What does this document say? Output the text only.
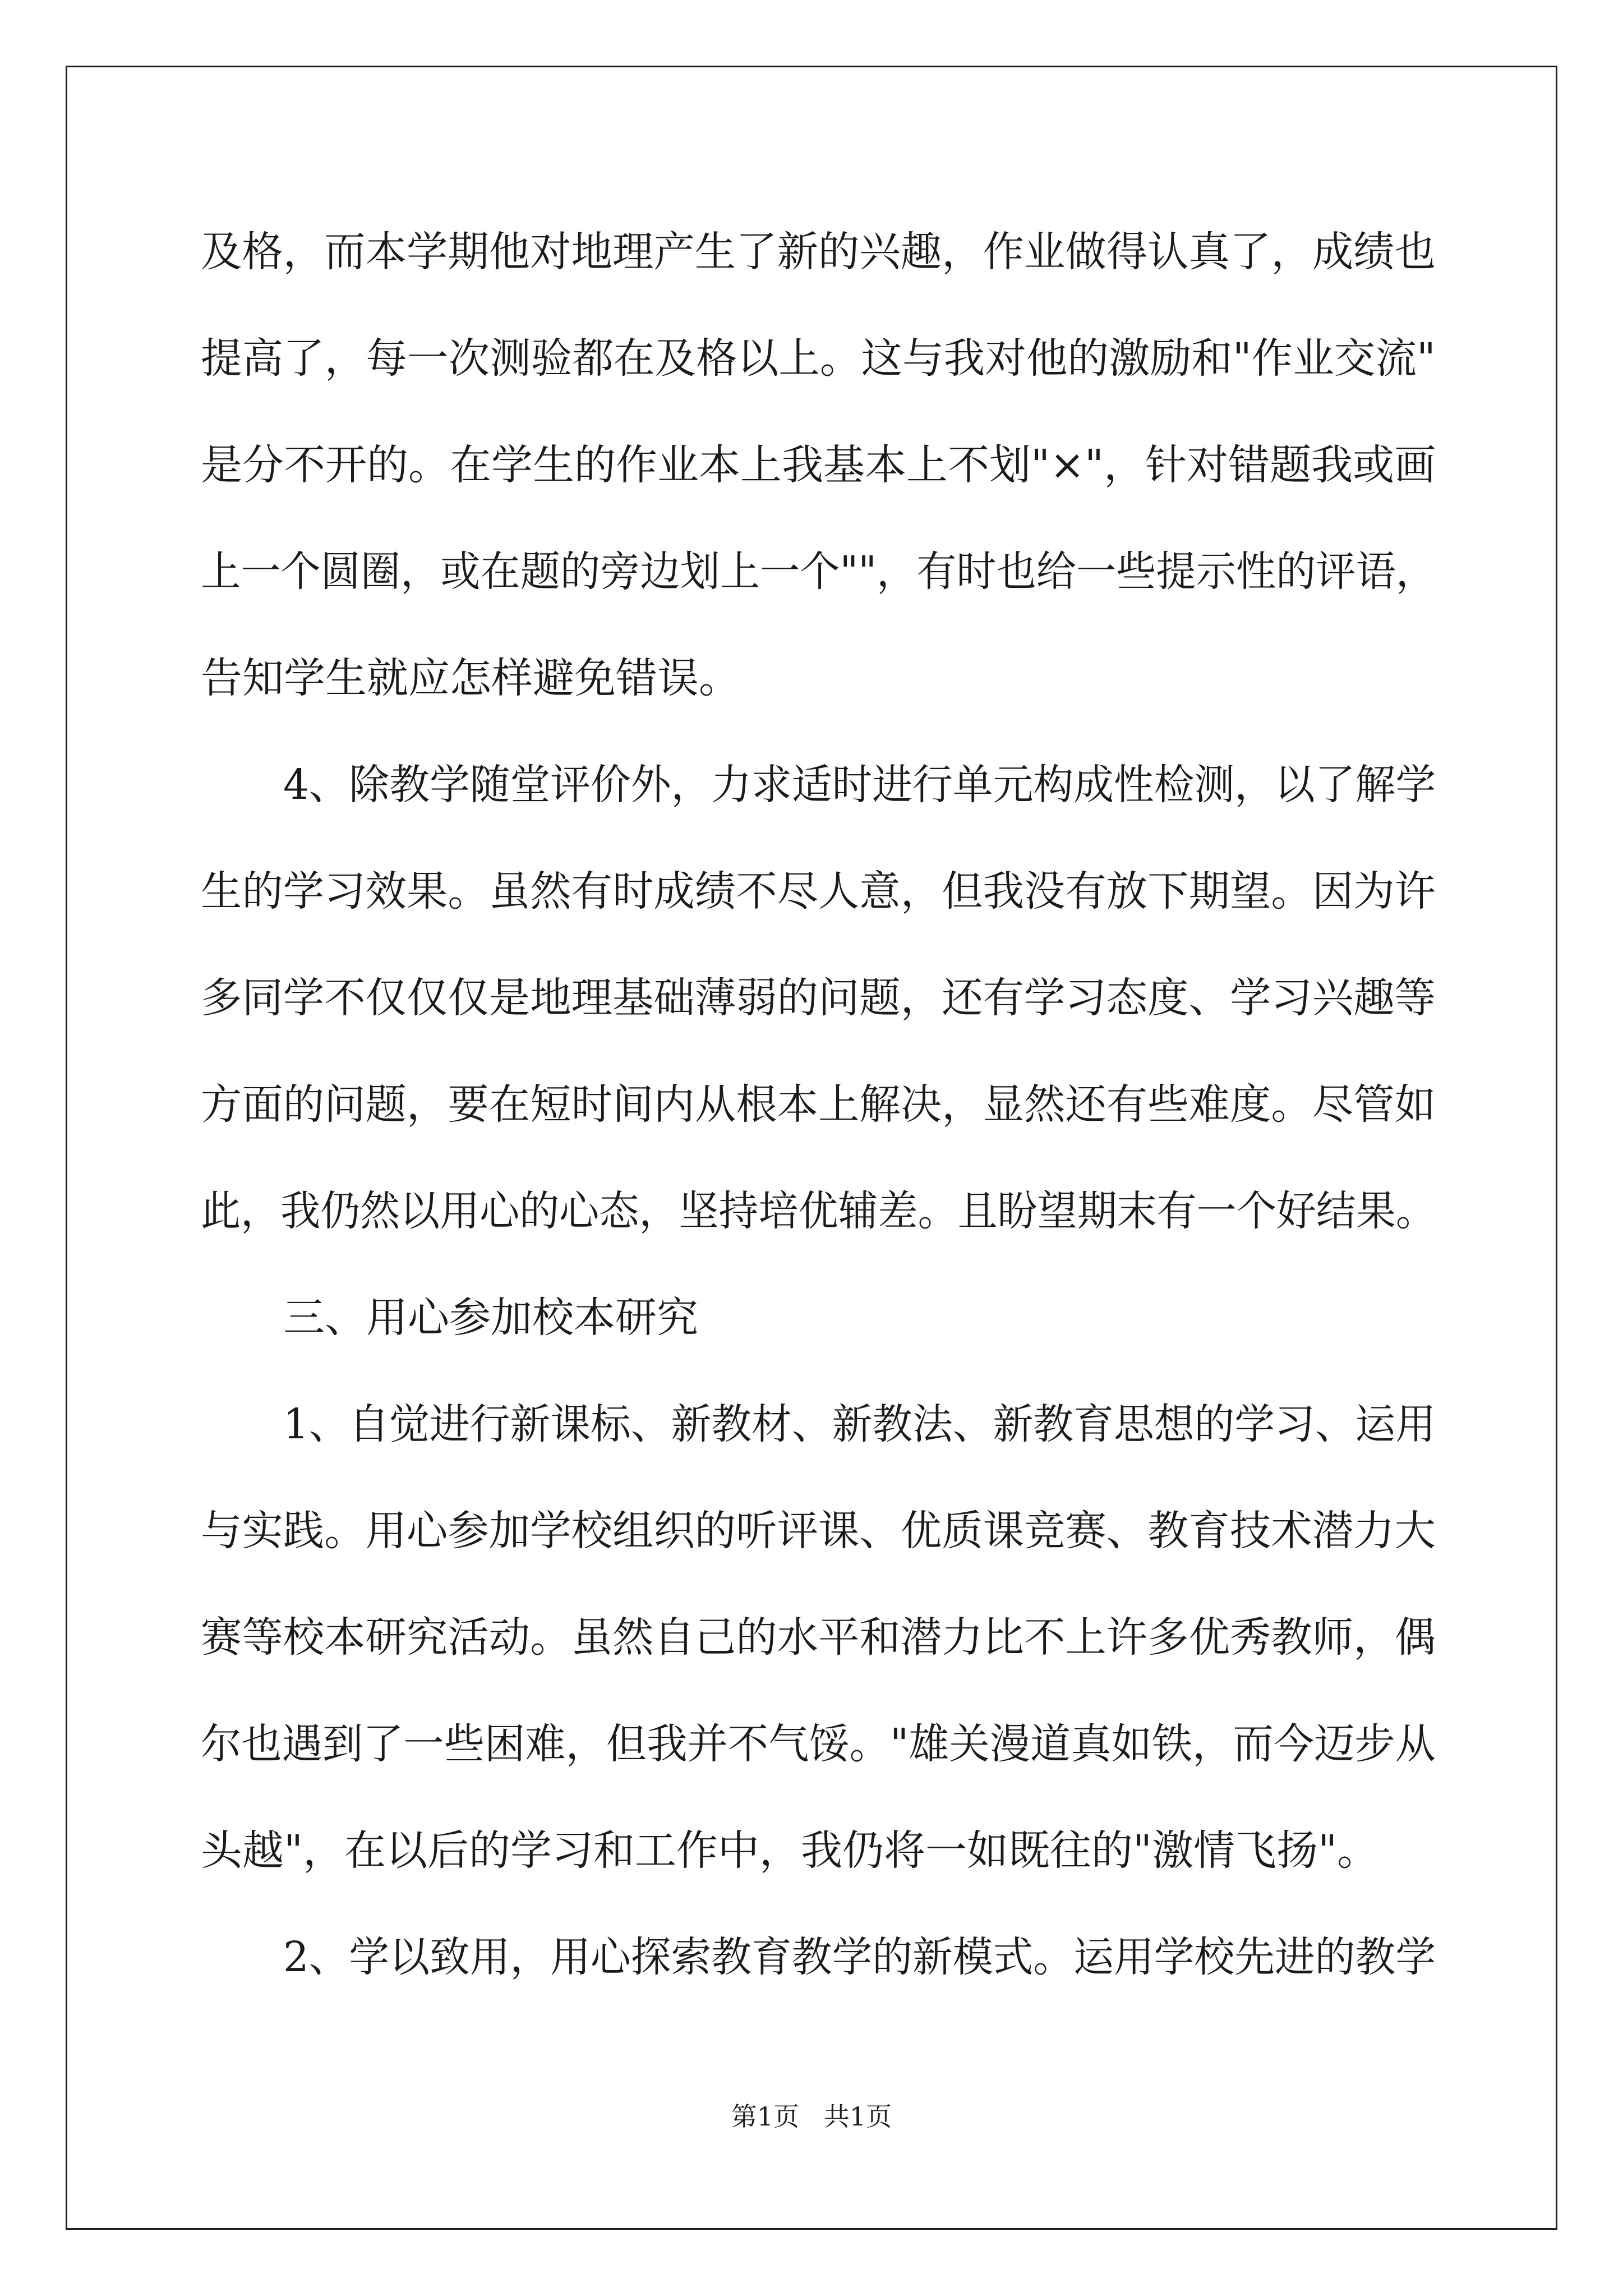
及格，而本学期他对地理产生了新的兴趣，作业做得认真了，成绩也
提高了，每一次测验都在及格以上。这与我对他的激励和"作业交流"
是分不开的。在学生的作业本上我基本上不划"×"，针对错题我或画
上一个圆圈，或在题的旁边划上一个""，有时也给一些提示性的评语，
告知学生就应怎样避免错误。
4、除教学随堂评价外，力求适时进行单元构成性检测，以了解学
生的学习效果。虽然有时成绩不尽人意，但我没有放下期望。因为许
多同学不仅仅仅是地理基础薄弱的问题，还有学习态度、学习兴趣等
方面的问题，要在短时间内从根本上解决，显然还有些难度。尽管如
此，我仍然以用心的心态，坚持培优辅差。且盼望期末有一个好结果。
三、用心参加校本研究
1、自觉进行新课标、新教材、新教法、新教育思想的学习、运用
与实践。用心参加学校组织的听评课、优质课竞赛、教育技术潜力大
赛等校本研究活动。虽然自己的水平和潜力比不上许多优秀教师，偶
尔也遇到了一些困难，但我并不气馁。"雄关漫道真如铁，而今迈步从
头越"，在以后的学习和工作中，我仍将一如既往的"激情飞扬"。
2、学以致用，用心探索教育教学的新模式。运用学校先进的教学
第1页   共1页
